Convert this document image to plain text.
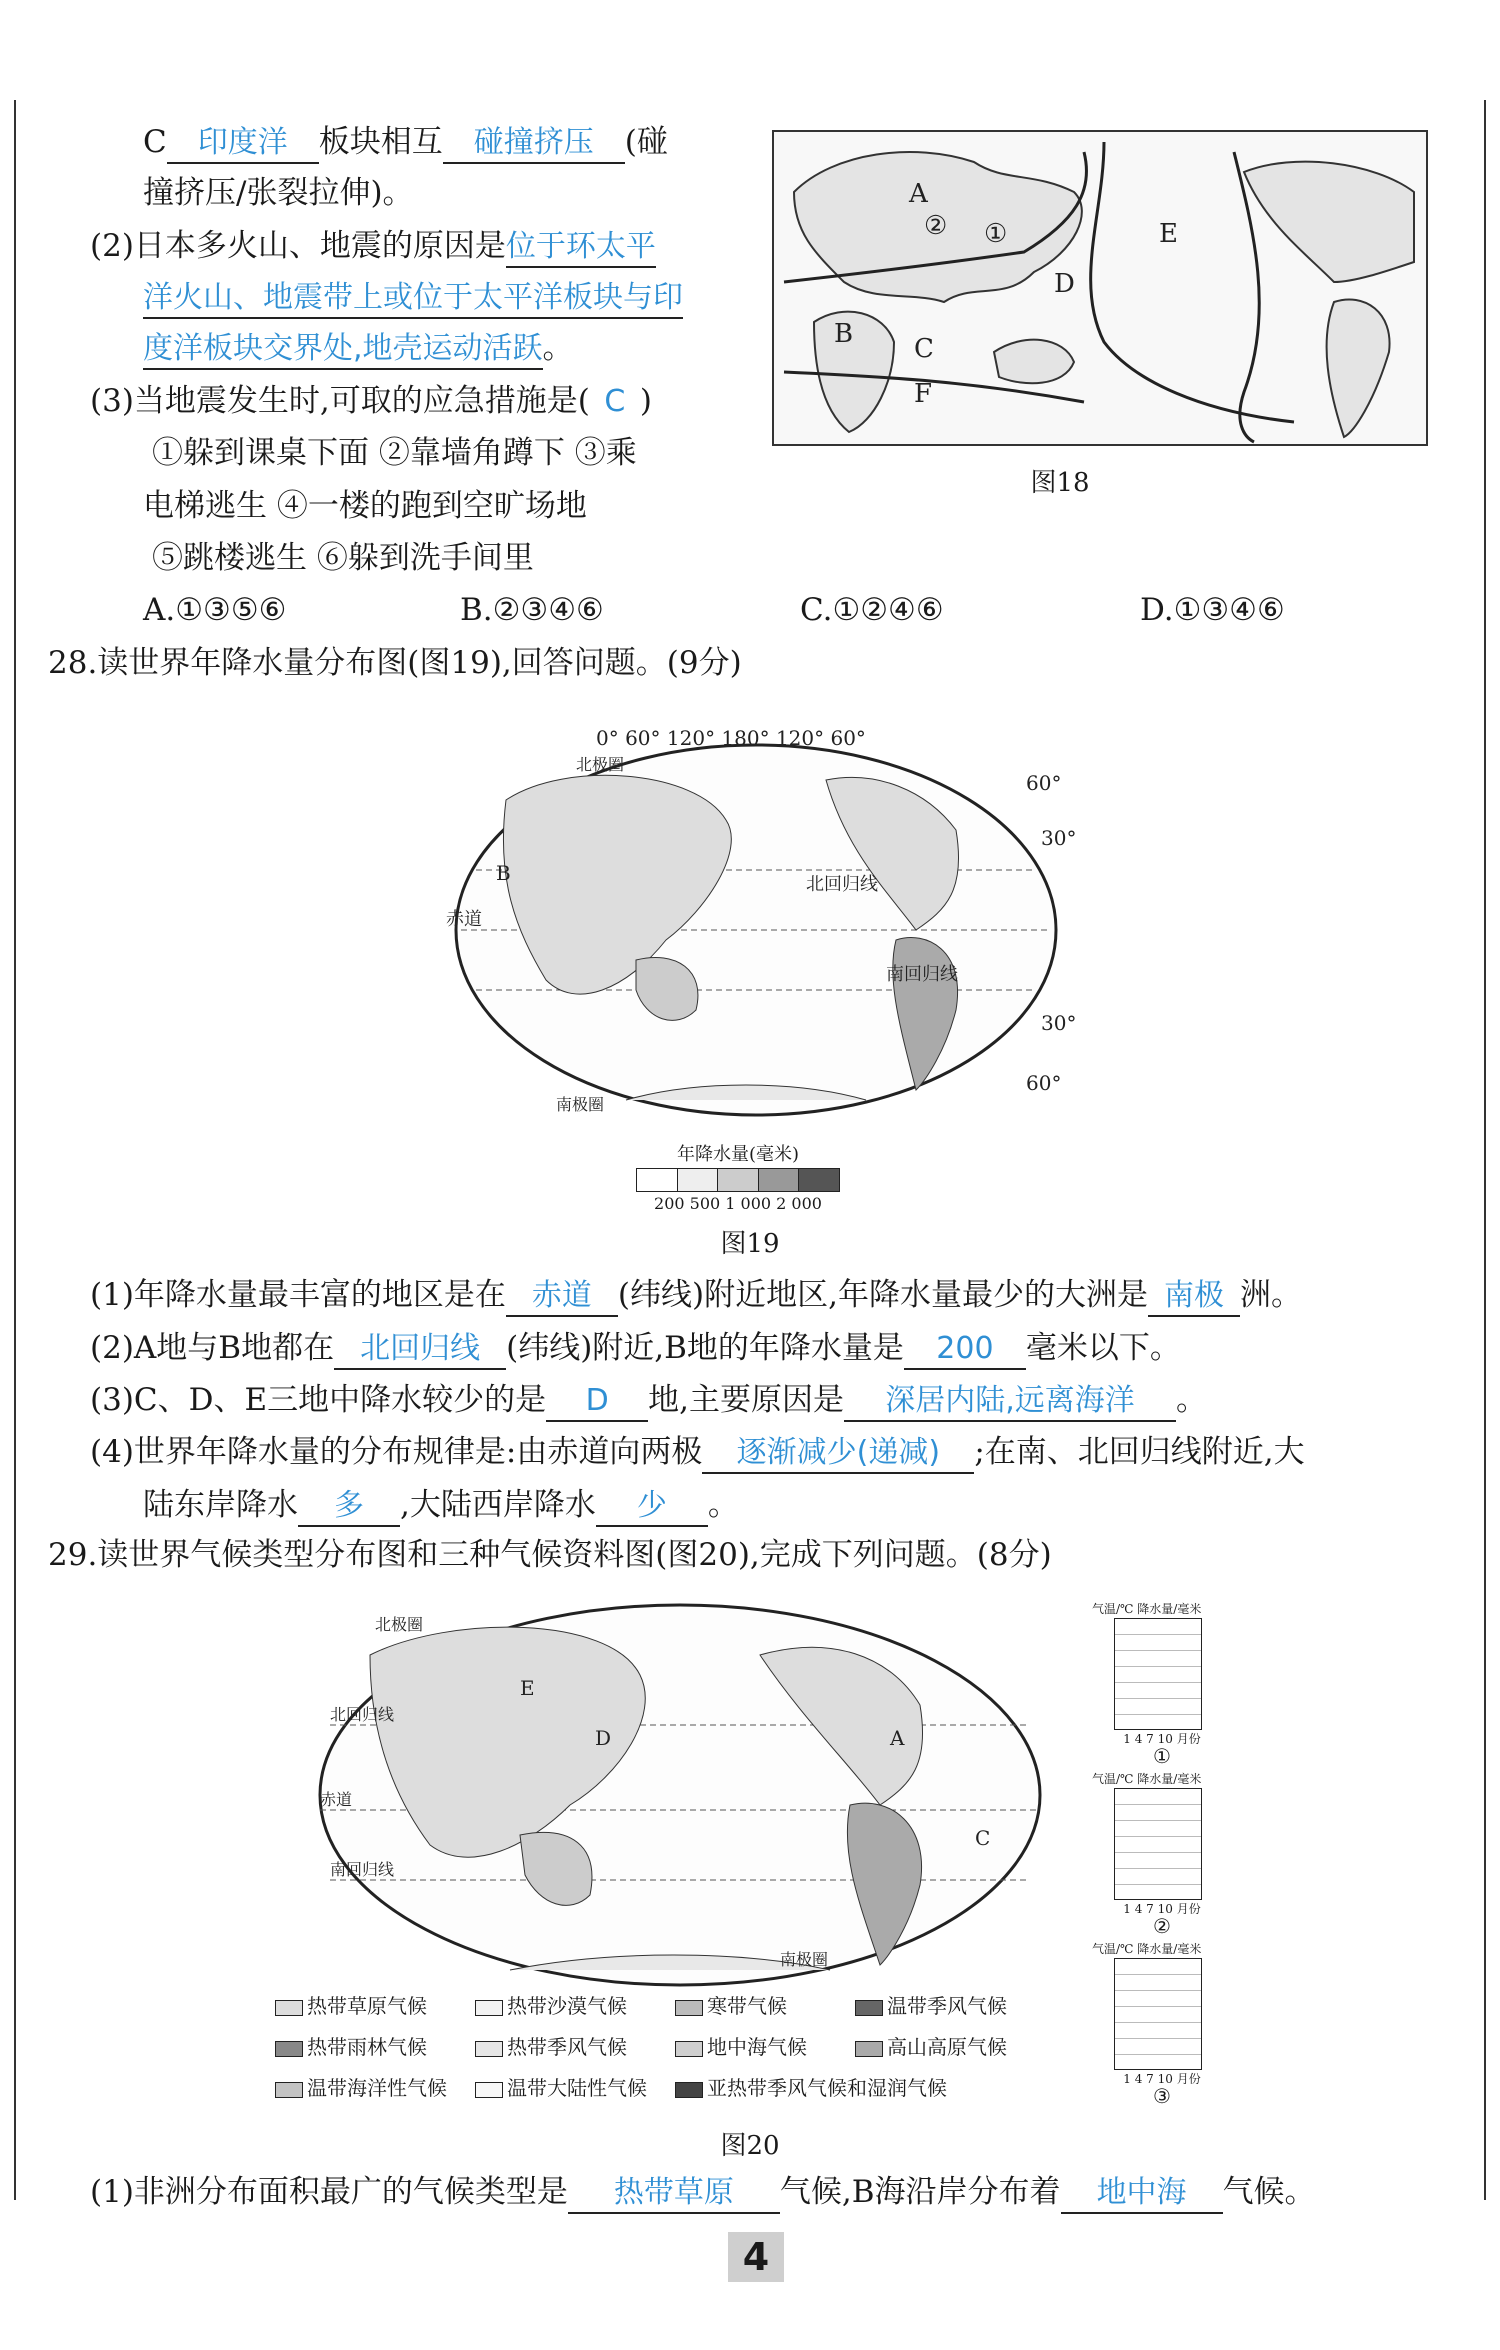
C 印度洋 板块相互 碰撞挤压 (碰
撞挤压/张裂拉伸)。
(2)日本多火山、地震的原因是位于环太平
洋火山、地震带上或位于太平洋板块与印
度洋板块交界处,地壳运动活跃。
(3)当地震发生时,可取的应急措施是( C )
①躲到课桌下面 ②靠墙角蹲下 ③乘
电梯逃生 ④一楼的跑到空旷场地
⑤跳楼逃生 ⑥躲到洗手间里
A.①③⑤⑥	B.②③④⑥	C.①②④⑥	D.①③④⑥
A
B C
D
E
F
①
②
图18
28.读世界年降水量分布图(图19),回答问题。(9分)
0° 60° 120° 180° 120° 60°
60°
30°
30°
60°
北回归线
南回归线
赤道
北极圈
南极圈
B
年降水量(毫米)
200 500 1 000 2 000
图19
(1)年降水量最丰富的地区是在 赤道 (纬线)附近地区,年降水量最少的大洲是 南极 洲。
(2)A地与B地都在 北回归线 (纬线)附近,B地的年降水量是 200 毫米以下。
(3)C、D、E三地中降水较少的是 D 地,主要原因是 深居内陆,远离海洋 。
(4)世界年降水量的分布规律是:由赤道向两极 逐渐减少(递减) ;在南、北回归线附近,大
陆东岸降水 多 ,大陆西岸降水 少 。
29.读世界气候类型分布图和三种气候资料图(图20),完成下列问题。(8分)
北极圈
北回归线
赤道
南回归线
南极圈
A
C
D
E
气温/℃ 降水量/毫米
1 4 7 10 月份
①
气温/℃ 降水量/毫米
1 4 7 10 月份
②
气温/℃ 降水量/毫米
1 4 7 10 月份
③
热带草原气候	热带沙漠气候	寒带气候	温带季风气候
热带雨林气候	热带季风气候	地中海气候	高山高原气候
温带海洋性气候	温带大陆性气候	亚热带季风气候和湿润气候
图20
(1)非洲分布面积最广的气候类型是 热带草原 气候,B海沿岸分布着 地中海 气候。
4
